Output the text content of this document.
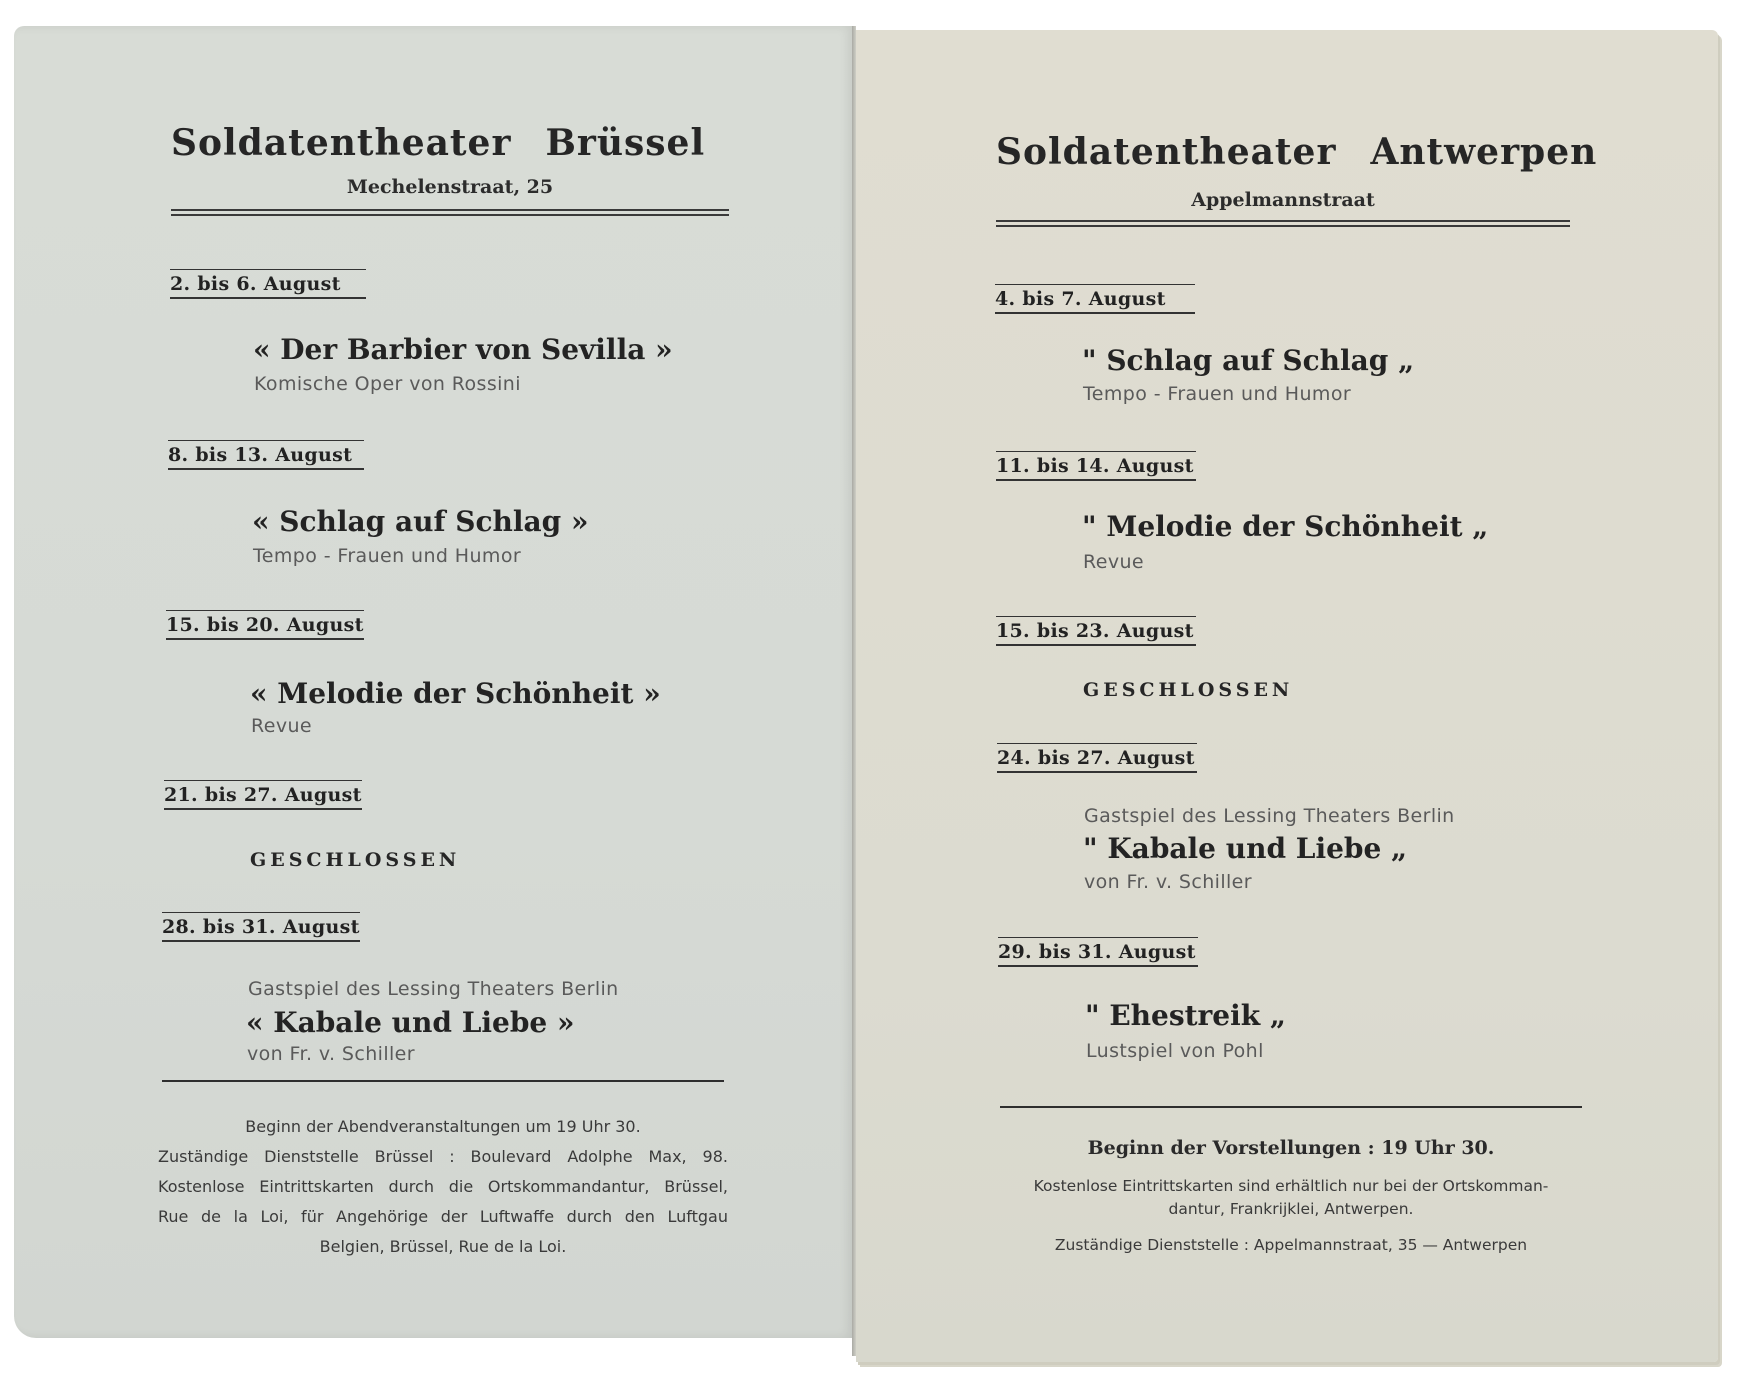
Soldatentheater Brüssel
Mechelenstraat, 25
2. bis 6. August
« Der Barbier von Sevilla »
Komische Oper von Rossini
8. bis 13. August
« Schlag auf Schlag »
Tempo - Frauen und Humor
15. bis 20. August
« Melodie der Schönheit »
Revue
21. bis 27. August
GESCHLOSSEN
28. bis 31. August
Gastspiel des Lessing Theaters Berlin
« Kabale und Liebe »
von Fr. v. Schiller
Beginn der Abendveranstaltungen um 19 Uhr 30.
Zuständige Dienststelle Brüssel : Boulevard Adolphe Max, 98.
Kostenlose Eintrittskarten durch die Ortskommandantur, Brüssel,
Rue de la Loi, für Angehörige der Luftwaffe durch den Luftgau
Belgien, Brüssel, Rue de la Loi.
Soldatentheater Antwerpen
Appelmannstraat
4. bis 7. August
" Schlag auf Schlag „
Tempo - Frauen und Humor
11. bis 14. August
" Melodie der Schönheit „
Revue
15. bis 23. August
GESCHLOSSEN
24. bis 27. August
Gastspiel des Lessing Theaters Berlin
" Kabale und Liebe „
von Fr. v. Schiller
29. bis 31. August
" Ehestreik „
Lustspiel von Pohl
Beginn der Vorstellungen : 19 Uhr 30.
Kostenlose Eintrittskarten sind erhältlich nur bei der Ortskomman-
dantur, Frankrijklei, Antwerpen.
Zuständige Dienststelle : Appelmannstraat, 35 — Antwerpen
